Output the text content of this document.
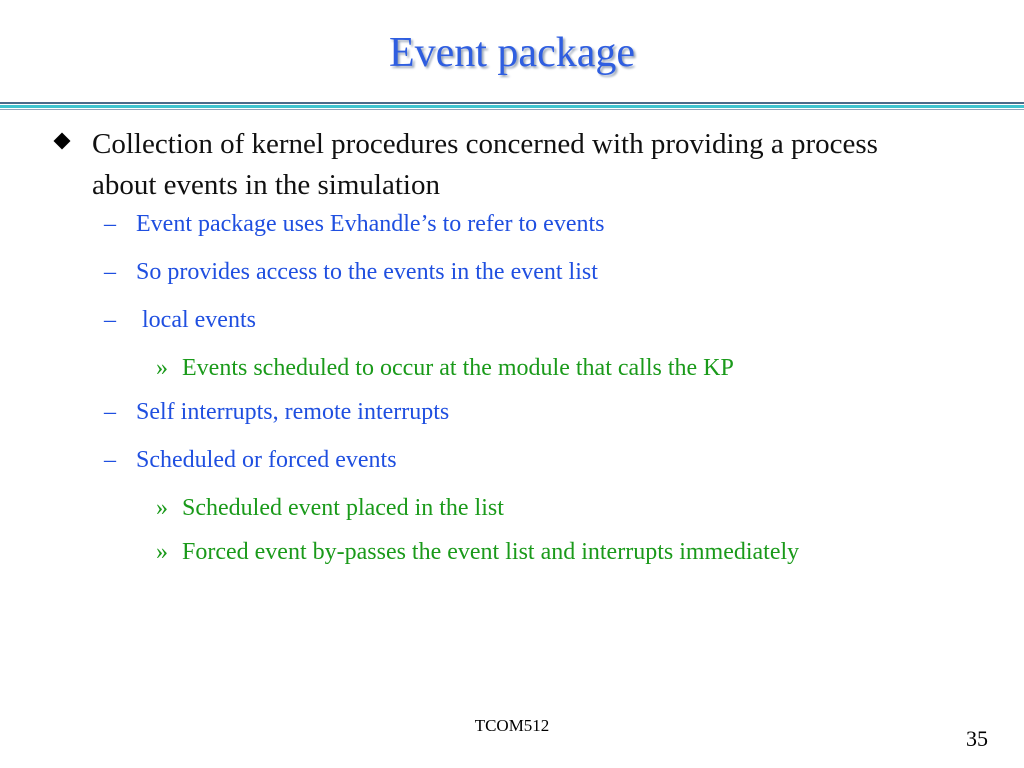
Event package
Collection of kernel procedures concerned with providing a process about events in the simulation
– Event package uses Evhandle’s to refer to events
– So provides access to the events in the event list
– local events
» Events scheduled to occur at the module that calls the KP
– Self interrupts, remote interrupts
– Scheduled or forced events
» Scheduled event placed in the list
» Forced event by-passes the event list and interrupts immediately
TCOM512
35
